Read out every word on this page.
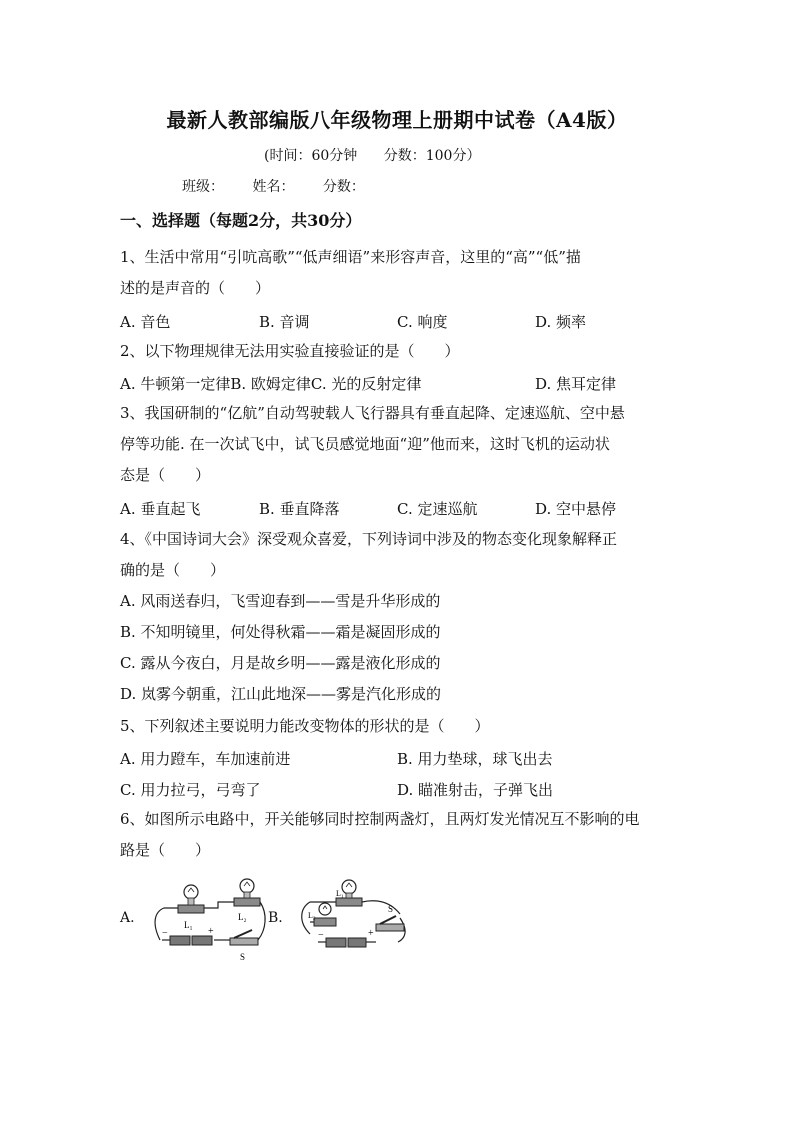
最新人教部编版八年级物理上册期中试卷（A4版）
(时间：60分钟 分数：100分）
班级： 姓名： 分数：
一、选择题（每题2分，共30分）
1、生活中常用“引吭高歌”“低声细语”来形容声音，这里的“高”“低”描
述的是声音的（　　）
A. 音色	B. 音调	C. 响度	D. 频率
2、以下物理规律无法用实验直接验证的是（　　）
A. 牛顿第一定律B. 欧姆定律C. 光的反射定律	D. 焦耳定律
3、我国研制的“亿航”自动驾驶载人飞行器具有垂直起降、定速巡航、空中悬
停等功能. 在一次试飞中，试飞员感觉地面“迎”他而来，这时飞机的运动状
态是（　　）
A. 垂直起飞	B. 垂直降落	C. 定速巡航	D. 空中悬停
4、《中国诗词大会》深受观众喜爱，下列诗词中涉及的物态变化现象解释正
确的是（　　）
A. 风雨送春归，飞雪迎春到——雪是升华形成的
B. 不知明镜里，何处得秋霜——霜是凝固形成的
C. 露从今夜白，月是故乡明——露是液化形成的
D. 岚雾今朝重，江山此地深——雾是汽化形成的
5、下列叙述主要说明力能改变物体的形状的是（　　）
A. 用力蹬车，车加速前进	B. 用力垫球，球飞出去
C. 用力拉弓，弓弯了	D. 瞄准射击，子弹飞出
6、如图所示电路中，开关能够同时控制两盏灯，且两灯发光情况互不影响的电
路是（　　）
A.	L₁
L₂
S
−	+
B.
L₁
L₂
S
−	+
